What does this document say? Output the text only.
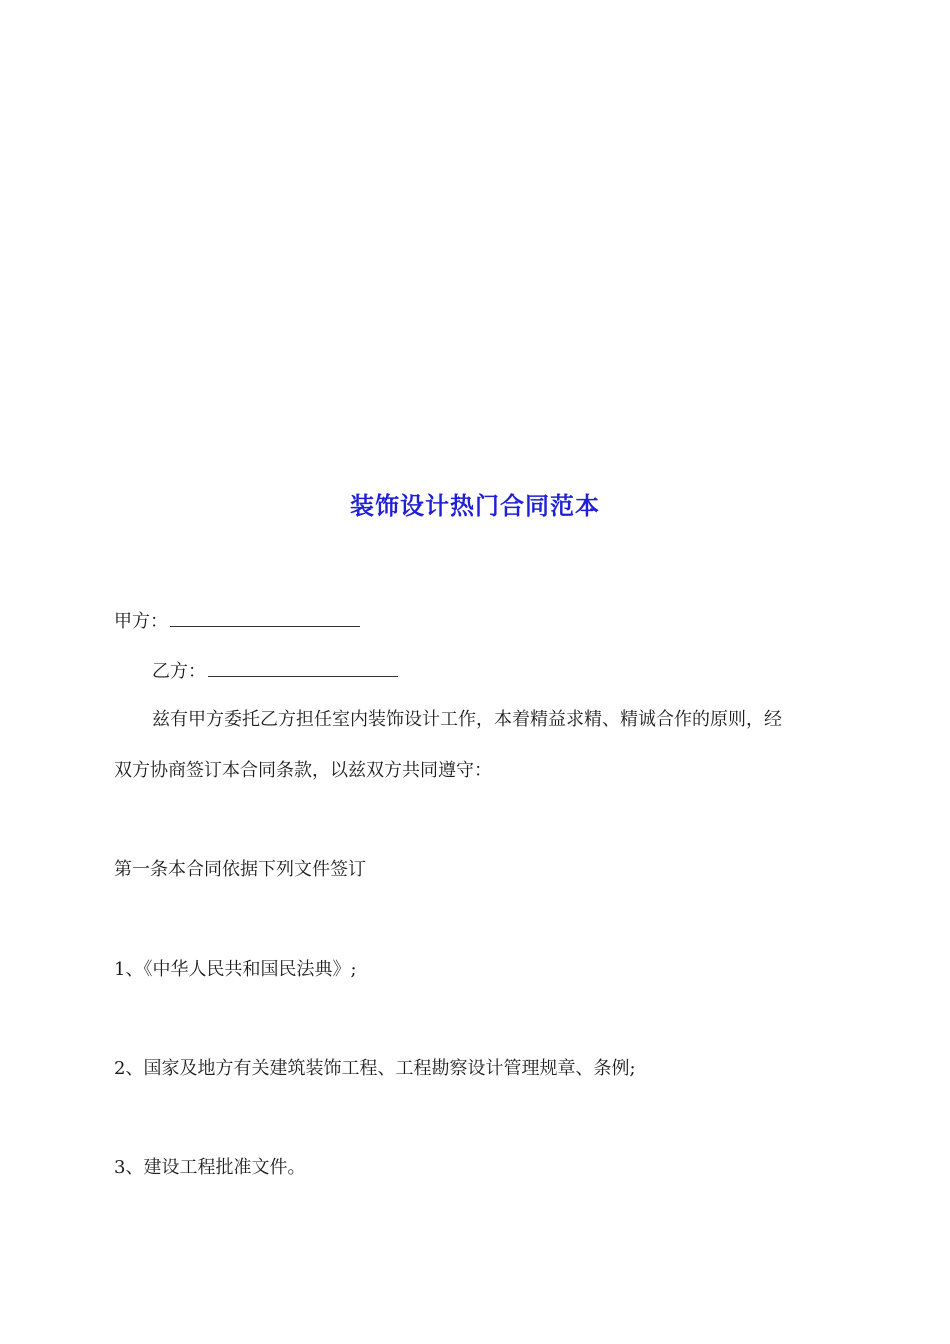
装饰设计热门合同范本
甲方：
乙方：
兹有甲方委托乙方担任室内装饰设计工作，本着精益求精、精诚合作的原则，经
双方协商签订本合同条款，以兹双方共同遵守：
第一条本合同依据下列文件签订
1、《中华人民共和国民法典》;
2、国家及地方有关建筑装饰工程、工程勘察设计管理规章、条例;
3、建设工程批准文件。
